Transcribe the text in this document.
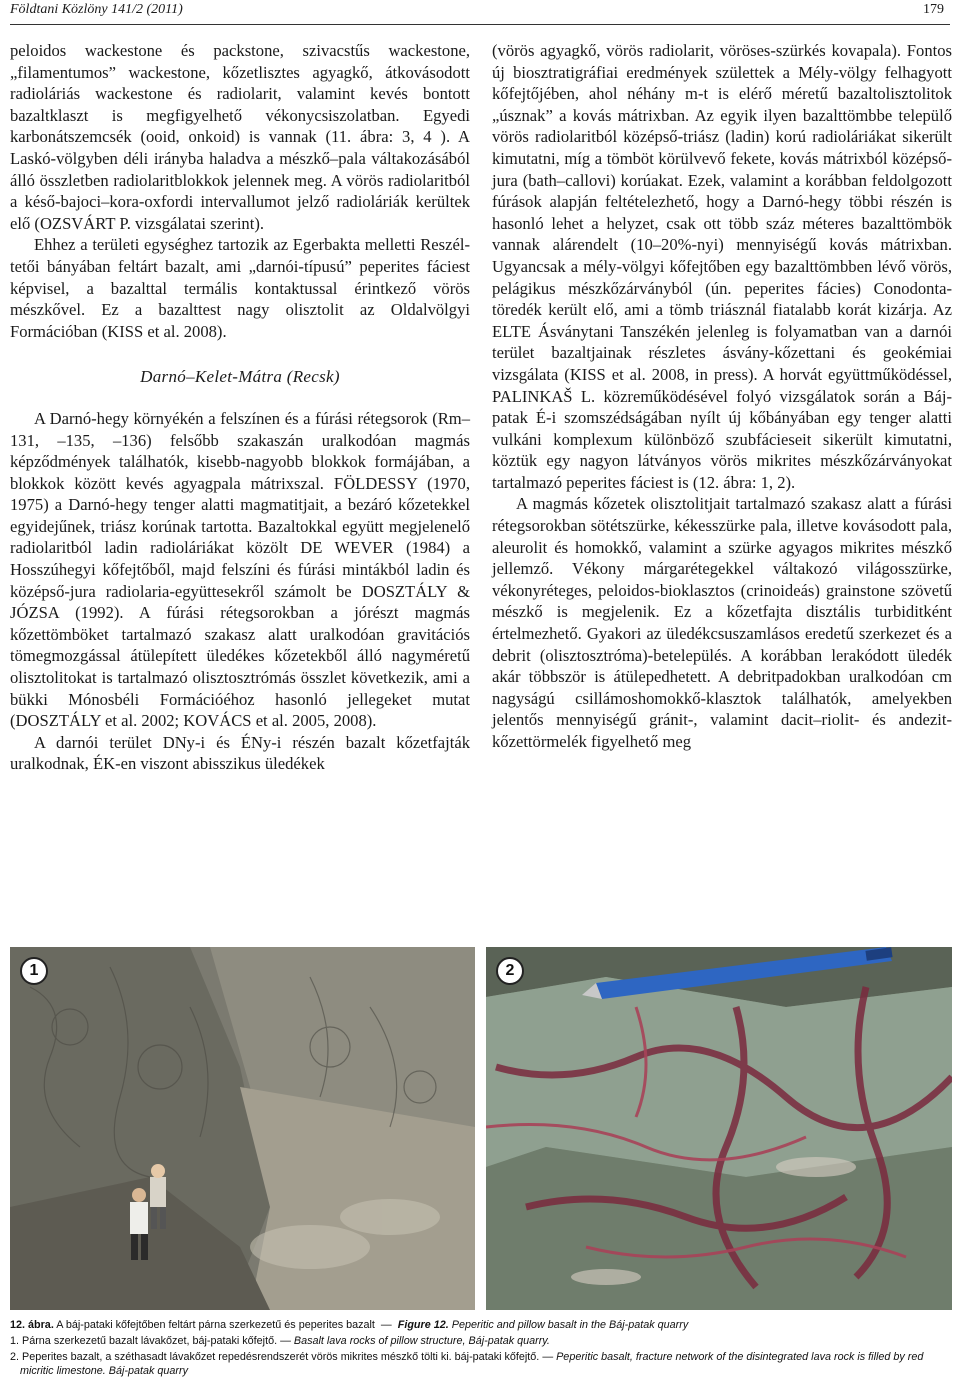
Földtani Közlöny 141/2 (2011)	179

peloidos wackestone és packstone, szivacstűs wackestone, „filamentumos” wackestone, kőzetlisztes agyagkő, átkovásodott radioláriás wackestone és radiolarit, valamint kevés bontott bazaltklaszt is megfigyelhető vékonycsiszolatban. Egyedi karbonátszemcsék (ooid, onkoid) is vannak (11. ábra: 3, 4 ). A Laskó-völgyben déli irányba haladva a mészkő–pala váltakozásából álló összletben radiolaritblokkok jelennek meg. A vörös radiolaritból a késő-bajoci–kora-oxfordi intervallumot jelző radioláriák kerültek elő (OZSVÁRT P. vizsgálatai szerint).

Ehhez a területi egységhez tartozik az Egerbakta melletti Reszél-tetői bányában feltárt bazalt, ami „darnói-típusú” peperites fáciest képvisel, a bazalttal termális kontaktussal érintkező vörös mészkővel. Ez a bazalttest nagy olisztolit az Oldalvölgyi Formációban (KISS et al. 2008).

Darnó–Kelet-Mátra (Recsk)

A Darnó-hegy környékén a felszínen és a fúrási rétegsorok (Rm–131, –135, –136) felsőbb szakaszán uralkodóan magmás képződmények találhatók, kisebb-nagyobb blokkok formájában, a blokkok között kevés agyagpala mátrixszal. FÖLDESSY (1970, 1975) a Darnó-hegy tenger alatti magmatitjait, a bezáró kőzetekkel egyidejűnek, triász korúnak tartotta. Bazaltokkal együtt megjelenelő radiolaritból ladin radioláriákat közölt DE WEVER (1984) a Hosszúhegyi kőfejtőből, majd felszíni és fúrási mintákból ladin és középső-jura radiolaria-együttesekről számolt be DOSZTÁLY & JÓZSA (1992). A fúrási rétegsorokban a jórészt magmás kőzettömböket tartalmazó szakasz alatt uralkodóan gravitációs tömegmozgással átülepített üledékes kőzetekből álló nagyméretű olisztolitokat is tartalmazó olisztosztrómás összlet következik, ami a bükki Mónosbéli Formációéhoz hasonló jellegeket mutat (DOSZTÁLY et al. 2002; KOVÁCS et al. 2005, 2008).

A darnói terület DNy-i és ÉNy-i részén bazalt kőzetfajták uralkodnak, ÉK-en viszont abisszikus üledékek

(vörös agyagkő, vörös radiolarit, vöröses-szürkés kovapala). Fontos új biosztratigráfiai eredmények születtek a Mély-völgy felhagyott kőfejtőjében, ahol néhány m-t is elérő méretű bazaltolisztolitok „úsznak” a kovás mátrixban. Az egyik ilyen bazalttömbbe települő vörös radiolaritból középső-triász (ladin) korú radioláriákat sikerült kimutatni, míg a tömböt körülvevő fekete, kovás mátrixból középső-jura (bath–callovi) korúakat. Ezek, valamint a korábban feldolgozott fúrások alapján feltételezhető, hogy a Darnó-hegy többi részén is hasonló lehet a helyzet, csak ott több száz méteres bazalttömbök vannak alárendelt (10–20%-nyi) mennyiségű kovás mátrixban. Ugyancsak a mély-völgyi kőfejtőben egy bazalttömbben lévő vörös, pelágikus mészkőzárványból (ún. peperites fácies) Conodonta-töredék került elő, ami a tömb triásznál fiatalabb korát kizárja. Az ELTE Ásványtani Tanszékén jelenleg is folyamatban van a darnói terület bazaltjainak részletes ásvány-kőzettani és geokémiai vizsgálata (KISS et al. 2008, in press). A horvát együttműködéssel, PALINKAŠ L. közreműködésével folyó vizsgálatok során a Báj-patak É-i szomszédságában nyílt új kőbányában egy tenger alatti vulkáni komplexum különböző szubfácieseit sikerült kimutatni, köztük egy nagyon látványos vörös mikrites mészkőzárványokat tartalmazó peperites fáciest is (12. ábra: 1, 2).

A magmás kőzetek olisztolitjait tartalmazó szakasz alatt a fúrási rétegsorokban sötétszürke, kékesszürke pala, illetve kovásodott pala, aleurolit és homokkő, valamint a szürke agyagos mikrites mészkő jellemző. Vékony márgarétegekkel váltakozó világosszürke, vékonyréteges, peloidos-bioklasztos (crinoideás) grainstone szövetű mészkő is megjelenik. Ez a kőzetfajta disztális turbiditként értelmezhető. Gyakori az üledékcsuszamlásos eredetű szerkezet és a debrit (olisztosztróma)-betelepülés. A korábban lerakódott üledék akár többször is átülepedhetett. A debritpadokban uralkodóan cm nagyságú csillámoshomokkő-klasztok találhatók, amelyekben jelentős mennyiségű gránit-, valamint dacit–riolit- és andezit-kőzettörmelék figyelhető meg

1	2
12. ábra. A báj-pataki kőfejtőben feltárt párna szerkezetű és peperites bazalt  —  Figure 12. Peperitic and pillow basalt in the Báj-patak quarry
1. Párna szerkezetű bazalt lávakőzet, báj-pataki kőfejtő. — Basalt lava rocks of pillow structure, Báj-patak quarry.
2. Peperites bazalt, a széthasadt lávakőzet repedésrendszerét vörös mikrites mészkő tölti ki. báj-pataki kőfejtő. — Peperitic basalt, fracture network of the disintegrated lava rock is filled by red micritic limestone. Báj-patak quarry
